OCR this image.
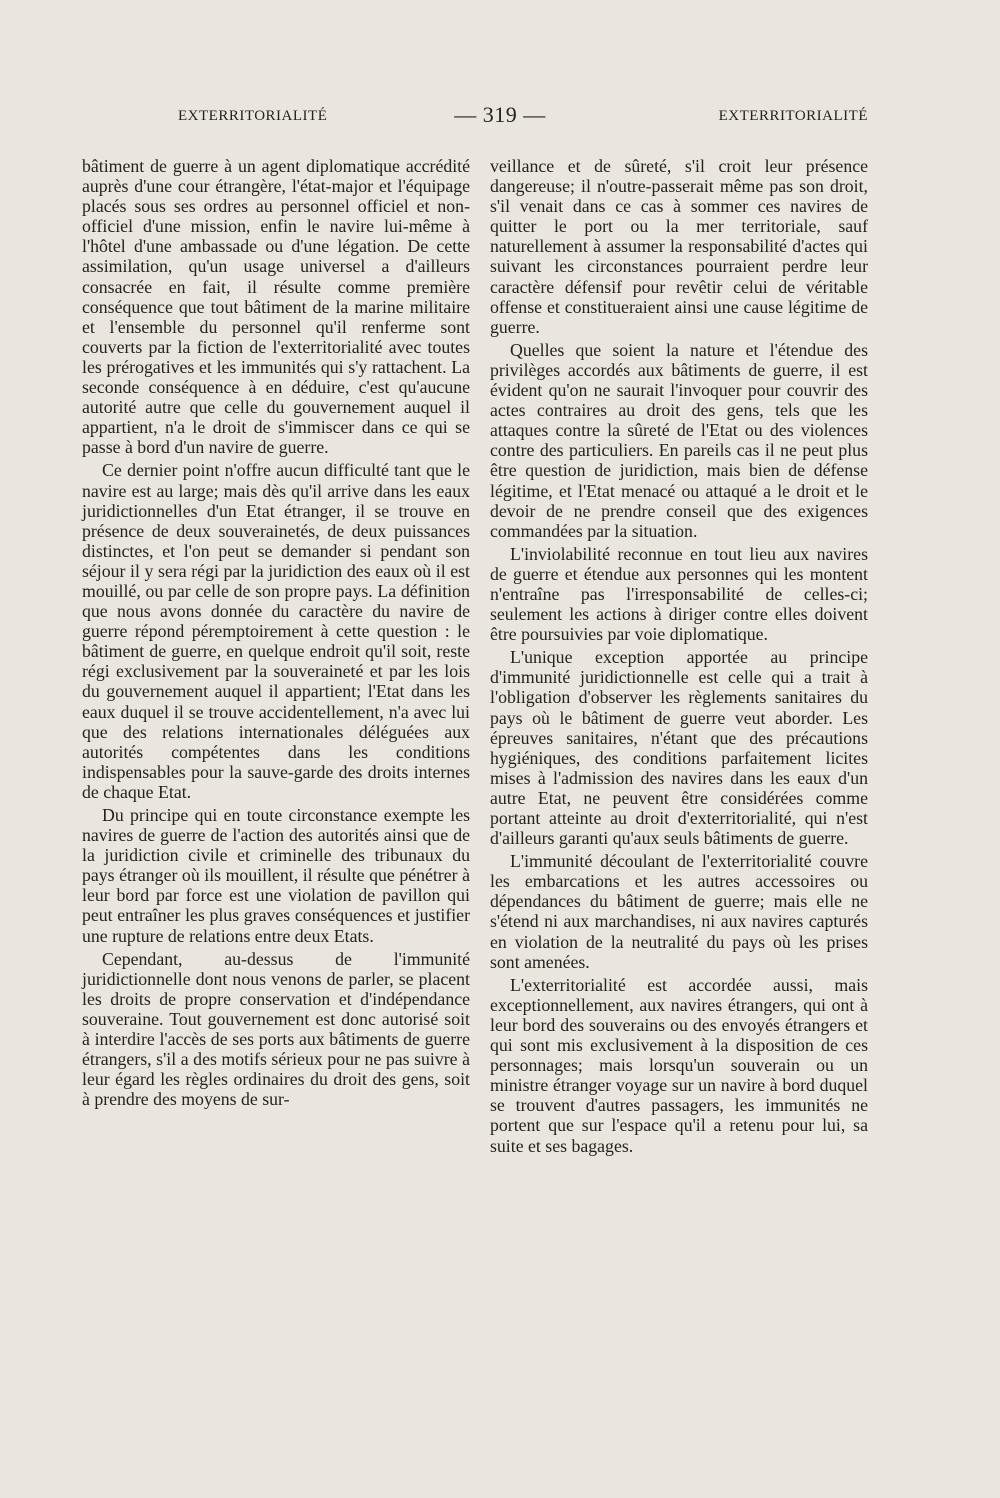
EXTERRITORIALITÉ	— 319 —	EXTERRITORIALITÉ

bâtiment de guerre à un agent diplomatique accrédité auprès d'une cour étrangère, l'état-major et l'équipage placés sous ses ordres au personnel officiel et non-officiel d'une mission, enfin le navire lui-même à l'hôtel d'une ambassade ou d'une légation. De cette assimilation, qu'un usage universel a d'ailleurs consacrée en fait, il résulte comme première conséquence que tout bâtiment de la marine militaire et l'ensemble du personnel qu'il renferme sont couverts par la fiction de l'exterritorialité avec toutes les prérogatives et les immunités qui s'y rattachent. La seconde conséquence à en déduire, c'est qu'aucune autorité autre que celle du gouvernement auquel il appartient, n'a le droit de s'immiscer dans ce qui se passe à bord d'un navire de guerre.

Ce dernier point n'offre aucun difficulté tant que le navire est au large; mais dès qu'il arrive dans les eaux juridictionnelles d'un Etat étranger, il se trouve en présence de deux souverainetés, de deux puissances distinctes, et l'on peut se demander si pendant son séjour il y sera régi par la juridiction des eaux où il est mouillé, ou par celle de son propre pays. La définition que nous avons donnée du caractère du navire de guerre répond péremptoirement à cette question : le bâtiment de guerre, en quelque endroit qu'il soit, reste régi exclusivement par la souveraineté et par les lois du gouvernement auquel il appartient; l'Etat dans les eaux duquel il se trouve accidentellement, n'a avec lui que des relations internationales déléguées aux autorités compétentes dans les conditions indispensables pour la sauve-garde des droits internes de chaque Etat.

Du principe qui en toute circonstance exempte les navires de guerre de l'action des autorités ainsi que de la juridiction civile et criminelle des tribunaux du pays étranger où ils mouillent, il résulte que pénétrer à leur bord par force est une violation de pavillon qui peut entraîner les plus graves conséquences et justifier une rupture de relations entre deux Etats.

Cependant, au-dessus de l'immunité juridictionnelle dont nous venons de parler, se placent les droits de propre conservation et d'indépendance souveraine. Tout gouvernement est donc autorisé soit à interdire l'accès de ses ports aux bâtiments de guerre étrangers, s'il a des motifs sérieux pour ne pas suivre à leur égard les règles ordinaires du droit des gens, soit à prendre des moyens de sur-

veillance et de sûreté, s'il croit leur présence dangereuse; il n'outre-passerait même pas son droit, s'il venait dans ce cas à sommer ces navires de quitter le port ou la mer territoriale, sauf naturellement à assumer la responsabilité d'actes qui suivant les circonstances pourraient perdre leur caractère défensif pour revêtir celui de véritable offense et constitueraient ainsi une cause légitime de guerre.

Quelles que soient la nature et l'étendue des privilèges accordés aux bâtiments de guerre, il est évident qu'on ne saurait l'invoquer pour couvrir des actes contraires au droit des gens, tels que les attaques contre la sûreté de l'Etat ou des violences contre des particuliers. En pareils cas il ne peut plus être question de juridiction, mais bien de défense légitime, et l'Etat menacé ou attaqué a le droit et le devoir de ne prendre conseil que des exigences commandées par la situation.

L'inviolabilité reconnue en tout lieu aux navires de guerre et étendue aux personnes qui les montent n'entraîne pas l'irresponsabilité de celles-ci; seulement les actions à diriger contre elles doivent être poursuivies par voie diplomatique.

L'unique exception apportée au principe d'immunité juridictionnelle est celle qui a trait à l'obligation d'observer les règlements sanitaires du pays où le bâtiment de guerre veut aborder. Les épreuves sanitaires, n'étant que des précautions hygiéniques, des conditions parfaitement licites mises à l'admission des navires dans les eaux d'un autre Etat, ne peuvent être considérées comme portant atteinte au droit d'exterritorialité, qui n'est d'ailleurs garanti qu'aux seuls bâtiments de guerre.

L'immunité découlant de l'exterritorialité couvre les embarcations et les autres accessoires ou dépendances du bâtiment de guerre; mais elle ne s'étend ni aux marchandises, ni aux navires capturés en violation de la neutralité du pays où les prises sont amenées.

L'exterritorialité est accordée aussi, mais exceptionnellement, aux navires étrangers, qui ont à leur bord des souverains ou des envoyés étrangers et qui sont mis exclusivement à la disposition de ces personnages; mais lorsqu'un souverain ou un ministre étranger voyage sur un navire à bord duquel se trouvent d'autres passagers, les immunités ne portent que sur l'espace qu'il a retenu pour lui, sa suite et ses bagages.
